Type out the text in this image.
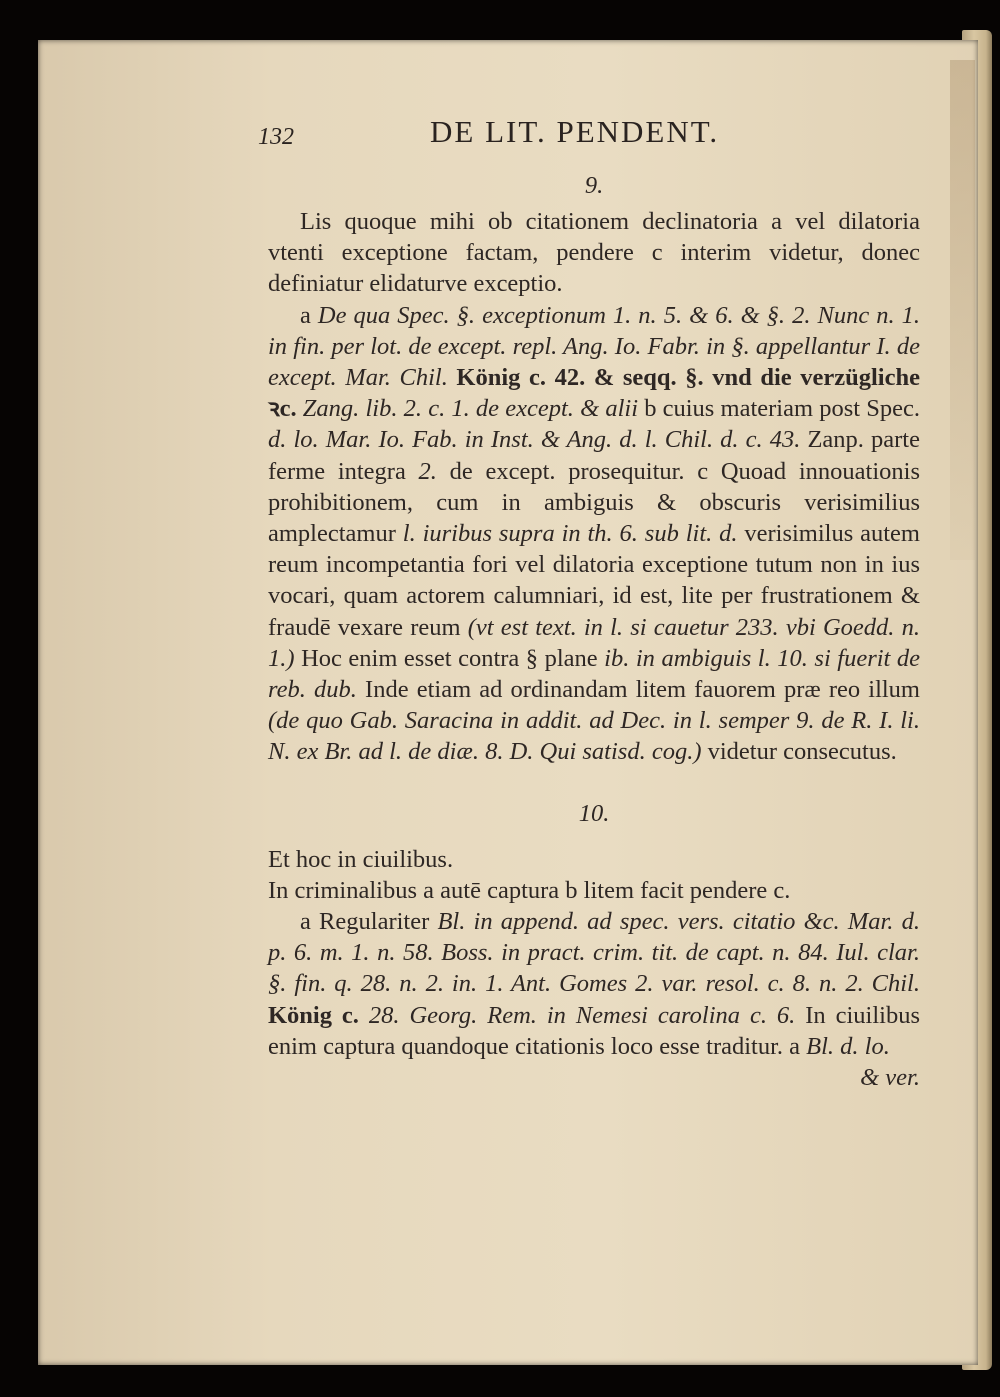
132	DE LIT. PENDENT.
9.

Lis quoque mihi ob citationem declinatoria a vel dilatoria vtenti exceptione factam, pendere c interim videtur, donec definiatur elidaturve exceptio.

a De qua Spec. §. exceptionum 1. n. 5. & 6. & §. 2. Nunc n. 1. in fin. per lot. de except. repl. Ang. Io. Fabr. in §. appellantur I. de except. Mar. Chil. König c. 42. & seqq. §. vnd die verzügliche ꝛc. Zang. lib. 2. c. 1. de except. & alii b cuius materiam post Spec. d. lo. Mar. Io. Fab. in Inst. & Ang. d. l. Chil. d. c. 43. Zanp. parte ferme integra 2. de except. prosequitur. c Quoad innouationis prohibitionem, cum in ambiguis & obscuris verisimilius amplectamur l. iuribus supra in th. 6. sub lit. d. verisimilus autem reum incompetantia fori vel dilatoria exceptione tutum non in ius vocari, quam actorem calumniari, id est, lite per frustrationem & fraudē vexare reum (vt est text. in l. si cauetur 233. vbi Goedd. n. 1.) Hoc enim esset contra § plane ib. in ambiguis l. 10. si fuerit de reb. dub. Inde etiam ad ordinandam litem fauorem præ reo illum (de quo Gab. Saracina in addit. ad Dec. in l. semper 9. de R. I. li. N. ex Br. ad l. de diæ. 8. D. Qui satisd. cog.) videtur consecutus.

10.

Et hoc in ciuilibus.

In criminalibus a autē captura b litem facit pendere c.

a Regulariter Bl. in append. ad spec. vers. citatio &c. Mar. d. p. 6. m. 1. n. 58. Boss. in pract. crim. tit. de capt. n. 84. Iul. clar. §. fin. q. 28. n. 2. in. 1. Ant. Gomes 2. var. resol. c. 8. n. 2. Chil. König c. 28. Georg. Rem. in Nemesi carolina c. 6. In ciuilibus enim captura quandoque citationis loco esse traditur. a Bl. d. lo.

& ver.
